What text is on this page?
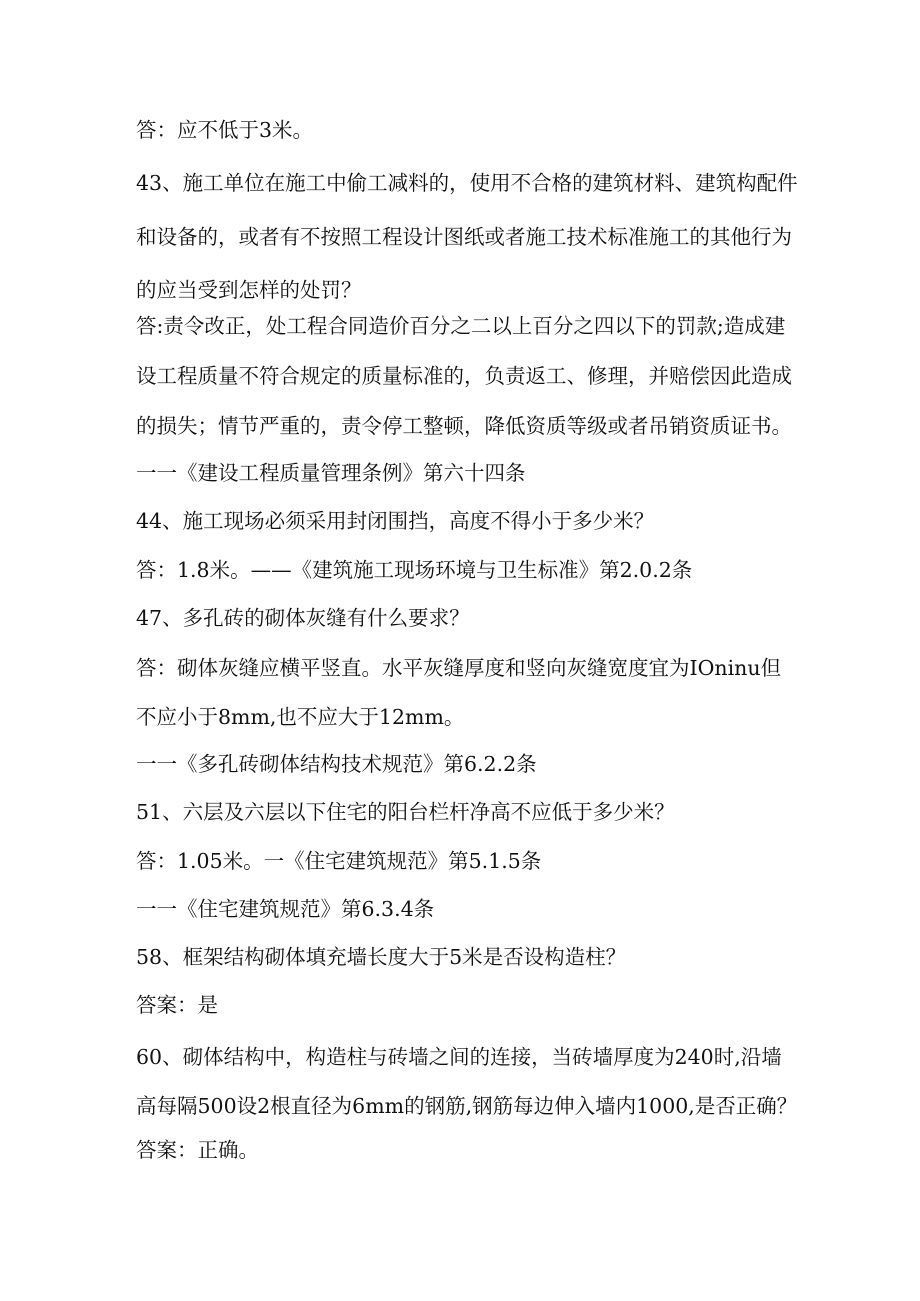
答：应不低于3米。
43、施工单位在施工中偷工减料的，使用不合格的建筑材料、建筑构配件
和设备的，或者有不按照工程设计图纸或者施工技术标准施工的其他行为
的应当受到怎样的处罚？
答:责令改正，处工程合同造价百分之二以上百分之四以下的罚款;造成建
设工程质量不符合规定的质量标准的，负责返工、修理，并赔偿因此造成
的损失；情节严重的，责令停工整顿，降低资质等级或者吊销资质证书。
一一《建设工程质量管理条例》第六十四条
44、施工现场必须采用封闭围挡，高度不得小于多少米？
答：1.8米。——《建筑施工现场环境与卫生标准》第2.0.2条
47、多孔砖的砌体灰缝有什么要求？
答：砌体灰缝应横平竖直。水平灰缝厚度和竖向灰缝宽度宜为IOninu但
不应小于8mm,也不应大于12mm。
一一《多孔砖砌体结构技术规范》第6.2.2条
51、六层及六层以下住宅的阳台栏杆净高不应低于多少米？
答：1.05米。一《住宅建筑规范》第5.1.5条
一一《住宅建筑规范》第6.3.4条
58、框架结构砌体填充墙长度大于5米是否设构造柱？
答案：是
60、砌体结构中，构造柱与砖墙之间的连接，当砖墙厚度为240时,沿墙
高每隔500设2根直径为6mm的钢筋,钢筋每边伸入墙内1000,是否正确？
答案：正确。
